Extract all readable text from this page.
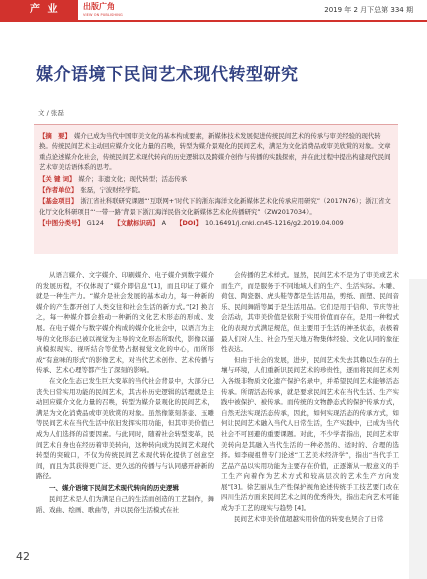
产 业	出版广角
VIEW ON PUBLISHING
2019 年 2 月下总第 334 期
媒介语境下民间艺术现代转型研究
文 / 张磊
【摘　要】 媒介已成为当代中国审美文化的基本构成要素，新媒体技术发展促进传统民间艺术的传承与审美经验的现代转换。传统民间艺术主动回应媒介文化力量的召唤，转型为媒介景观化的民间艺术，满足为文化消费品或审美欣赏的对象。文章重点论述媒介化社会，传统民间艺术现代转向的历史逻辑以及跨媒介创作与传播的实践探索，并在此过程中提出构建现代民间艺术审美话语体系的思考。
【关 键 词】 媒介；非遗文化；现代转型；活态传承
【作者单位】 张磊，宁波财经学院。
【基金项目】 浙江省社科联研究课题“‘互联网+’时代下的浙东海洋文化新媒体艺术化传承应用研究”（2017N76）；浙江省文化厅文化科研项目“‘一带一路’背景下浙江海洋民俗文化新媒体艺术化传播研究”（ZW2017034）。
【中图分类号】 G124 【文献标识码】 A 【DOI】 10.16491/j.cnki.cn45-1216/g2.2019.04.009

从语言媒介、文字媒介、印刷媒介、电子媒介到数字媒介的发展历程，不仅体现了“媒介即信息”[1]，而且印证了媒介就是一种生产力。“媒介是社会发展的基本动力，每一种新的媒介的产生都开创了人类交往和社会生活的新方式。”[2] 换言之，每一种媒介都会推动一种新的文化艺术形态的形成、发展。在电子媒介与数字媒介构成的媒介化社会中，以语言为主导的文化形态已被以视觉为主导的文化形态所取代，影像以逼真模拟现实、视听结合等优势占据视觉文化的中心，而所形成“有意味的形式”的影像艺术，对当代艺术创作、艺术传播与传承、艺术心理等都产生了深刻的影响。

在文化生态已发生巨大变革的当代社会背景中，大部分已丧失日常实用功能的民间艺术，其古朴历史逻辑的活理就是主动回应媒介文化力量的召唤，转型为媒介景观化的民间艺术，满足为文化消费品或审美欣赏的对象。虽然像篆刻茶壶、玉雕等民间艺术在当代生活中依旧发挥实用功能，但其审美价值已成为人们选择的首要因素。与此同时，随着社会转型变革，民间艺术自身也在经历着审美转向，这种转向成为民间艺术现代转型的突破口，不仅为传统民间艺术现代转化提供了创意空间，而且为其获得更广泛、更久远的传播与与认同感开辟新的路径。

一、媒介语境下民间艺术现代转向的历史逻辑

民间艺术是人们为满足自己的生活而创造的工艺制作，舞蹈、戏曲、绘画、歌曲等，并以民俗生活模式在社

会传播的艺术样式。显然，民间艺术不是为了审美或艺术而生产，而是服务于不同地域人们的生产、生活实际。木雕、荷包、陶瓷器、虎头鞋等都是生活用品，剪纸、面塑、民间音乐、民间舞蹈等属于是生活用品。它们是用于信仰、节庆等社会活动，其审美价值是依附于实用价值而存在，是用一种程式化的表现方式满足规范，但主要用于生活的神圣状态，表极着最人们对人生、社会乃至天地万物集体经验、文化认同的象征性表达。

但由于社会的发展，进步，民间艺术失去其赖以生存的土壤与环境，人们重新识民间艺术的珍贵性，逐而将民间艺术列入各级非物质文化遗产保护名录中，并希望民间艺术能够活态传承。所谓活态传承，就是要求民间艺术在当代生活、生产实践中被保护、被传承。而传统的文物静态式的保护传承方式，自然无法实现活态传承，因此，如何实现活态的传承方式，如何让民间艺术融入当代人日常生活，生产实践中，已成为当代社会不可回避的重要课题。对此，不少学者指出，民间艺术审美转向是其融入当代生活的一种必然的、适时的、合理的选择。如李砚祖曾专门论述“工艺美术经济学”，指出“当代手工艺品产品以实用功能为主要存在价值，正逐渐从一般意义的手工生产向着作为艺术方式和较高层次的艺术生产方向发展”[3]。徐艺丽从生产性保护视角论述传统手工技艺要门改在四川生活方面来民间艺术之间的优秀得失，指出走向艺术可能成为手工艺的现实与趋势 [4]。

民间艺术审美价值超越实用价值的转变也契合了日常

42
